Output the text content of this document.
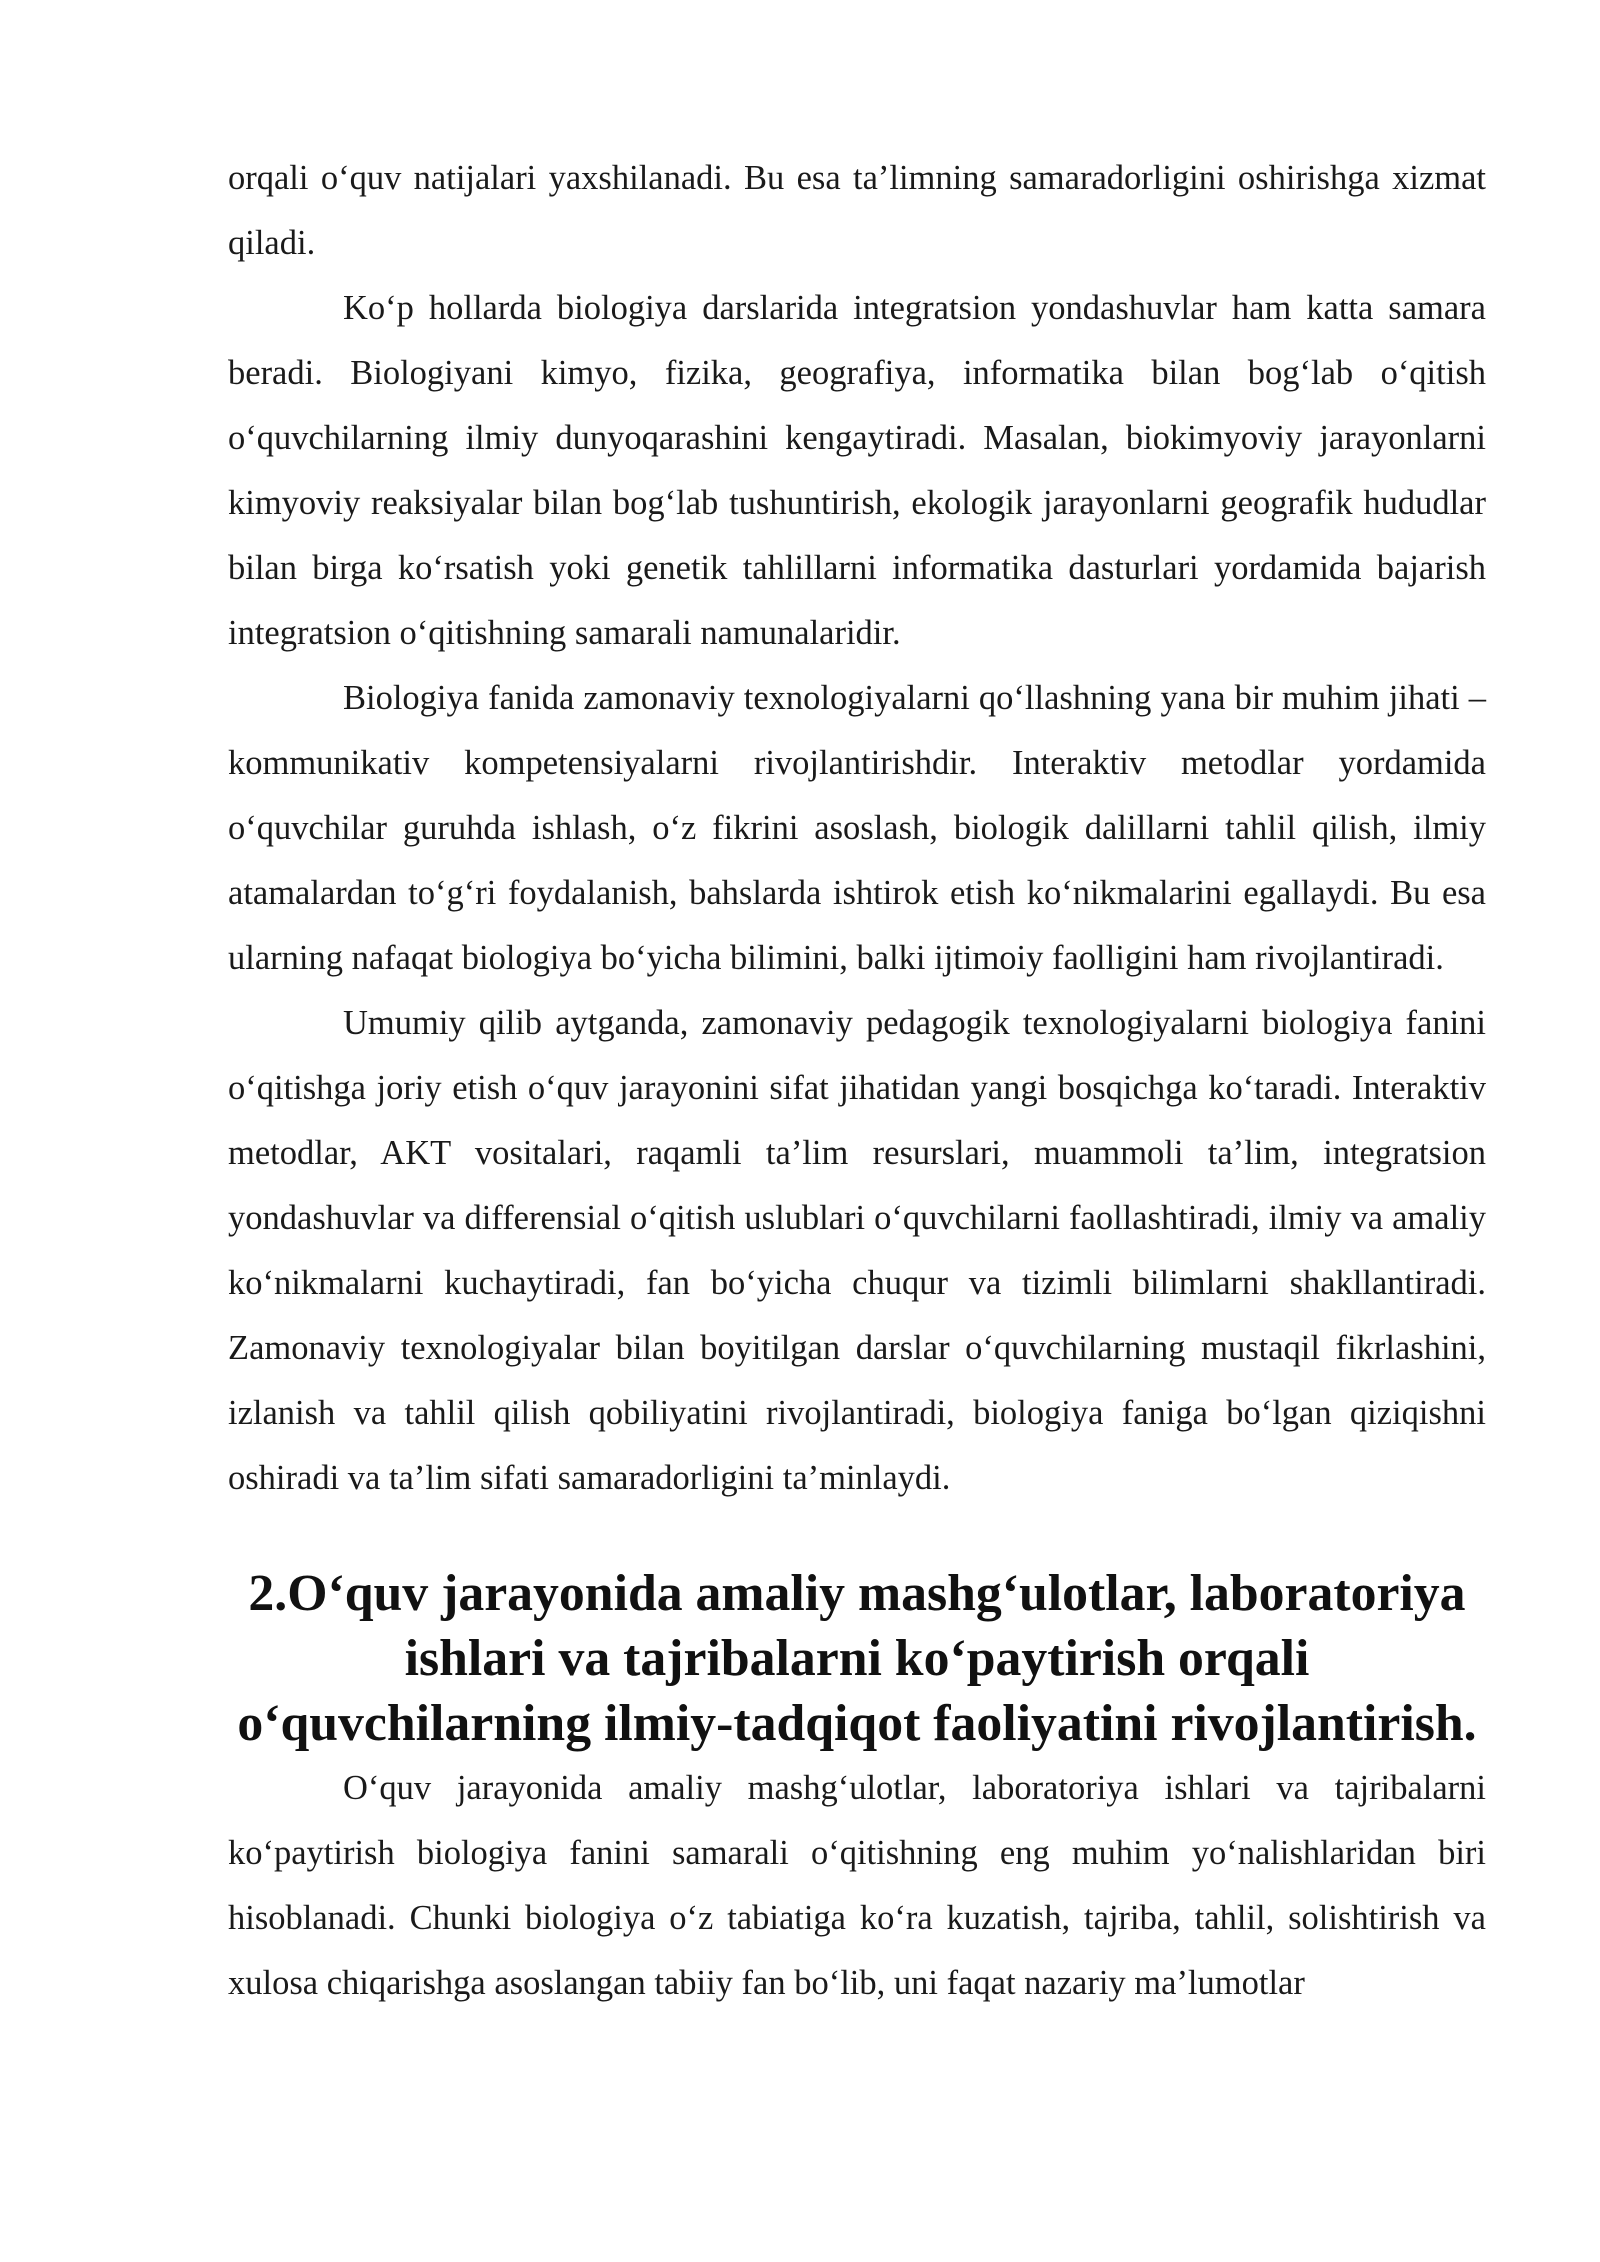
orqali o‘quv natijalari yaxshilanadi. Bu esa ta’limning samaradorligini oshirishga xizmat qiladi.

Ko‘p hollarda biologiya darslarida integratsion yondashuvlar ham katta samara beradi. Biologiyani kimyo, fizika, geografiya, informatika bilan bog‘lab o‘qitish o‘quvchilarning ilmiy dunyoqarashini kengaytiradi. Masalan, biokimyoviy jarayonlarni kimyoviy reaksiyalar bilan bog‘lab tushuntirish, ekologik jarayonlarni geografik hududlar bilan birga ko‘rsatish yoki genetik tahlillarni informatika dasturlari yordamida bajarish integratsion o‘qitishning samarali namunalaridir.

Biologiya fanida zamonaviy texnologiyalarni qo‘llashning yana bir muhim jihati – kommunikativ kompetensiyalarni rivojlantirishdir. Interaktiv metodlar yordamida o‘quvchilar guruhda ishlash, o‘z fikrini asoslash, biologik dalillarni tahlil qilish, ilmiy atamalardan to‘g‘ri foydalanish, bahslarda ishtirok etish ko‘nikmalarini egallaydi. Bu esa ularning nafaqat biologiya bo‘yicha bilimini, balki ijtimoiy faolligini ham rivojlantiradi.

Umumiy qilib aytganda, zamonaviy pedagogik texnologiyalarni biologiya fanini o‘qitishga joriy etish o‘quv jarayonini sifat jihatidan yangi bosqichga ko‘taradi. Interaktiv metodlar, AKT vositalari, raqamli ta’lim resurslari, muammoli ta’lim, integratsion yondashuvlar va differensial o‘qitish uslublari o‘quvchilarni faollashtiradi, ilmiy va amaliy ko‘nikmalarni kuchaytiradi, fan bo‘yicha chuqur va tizimli bilimlarni shakllantiradi. Zamonaviy texnologiyalar bilan boyitilgan darslar o‘quvchilarning mustaqil fikrlashini, izlanish va tahlil qilish qobiliyatini rivojlantiradi, biologiya faniga bo‘lgan qiziqishni oshiradi va ta’lim sifati samaradorligini ta’minlaydi.

2.O‘quv jarayonida amaliy mashg‘ulotlar, laboratoriya ishlari va tajribalarni ko‘paytirish orqali o‘quvchilarning ilmiy-tadqiqot faoliyatini rivojlantirish.

O‘quv jarayonida amaliy mashg‘ulotlar, laboratoriya ishlari va tajribalarni ko‘paytirish biologiya fanini samarali o‘qitishning eng muhim yo‘nalishlaridan biri hisoblanadi. Chunki biologiya o‘z tabiatiga ko‘ra kuzatish, tajriba, tahlil, solishtirish va xulosa chiqarishga asoslangan tabiiy fan bo‘lib, uni faqat nazariy ma’lumotlar
